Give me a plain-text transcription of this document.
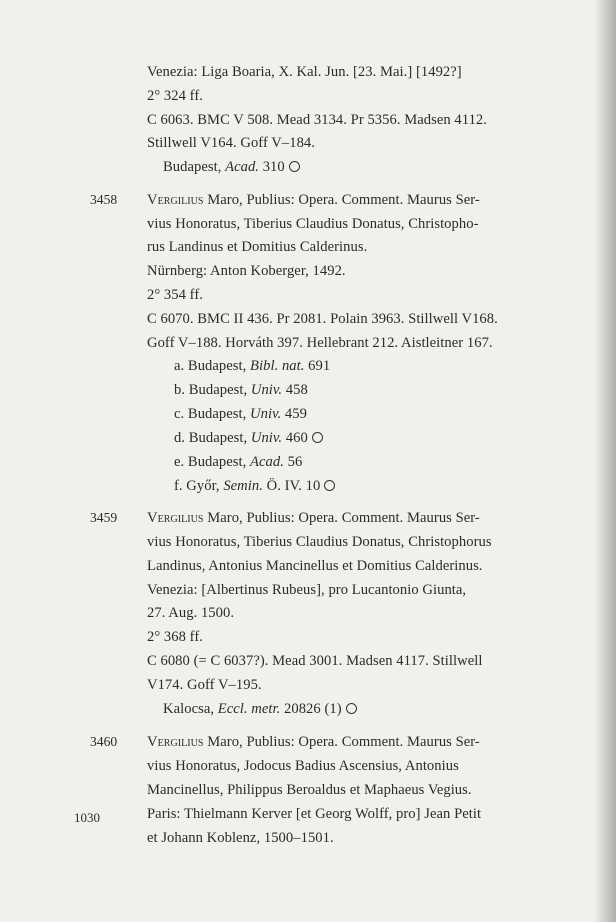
Venezia: Liga Boaria, X. Kal. Jun. [23. Mai.] [1492?]
2° 324 ff.
C 6063. BMC V 508. Mead 3134. Pr 5356. Madsen 4112.
Stillwell V164. Goff V–184.
Budapest, Acad. 310
3458 Vergilius Maro, Publius: Opera. Comment. Maurus Ser-
vius Honoratus, Tiberius Claudius Donatus, Christopho-
rus Landinus et Domitius Calderinus.
Nürnberg: Anton Koberger, 1492.
2° 354 ff.
C 6070. BMC II 436. Pr 2081. Polain 3963. Stillwell V168.
Goff V–188. Horváth 397. Hellebrant 212. Aistleitner 167.
a. Budapest, Bibl. nat. 691
b. Budapest, Univ. 458
c. Budapest, Univ. 459
d. Budapest, Univ. 460
e. Budapest, Acad. 56
f. Győr, Semin. Ö. IV. 10
3459 Vergilius Maro, Publius: Opera. Comment. Maurus Ser-
vius Honoratus, Tiberius Claudius Donatus, Christophorus
Landinus, Antonius Mancinellus et Domitius Calderinus.
Venezia: [Albertinus Rubeus], pro Lucantonio Giunta,
27. Aug. 1500.
2° 368 ff.
C 6080 (= C 6037?). Mead 3001. Madsen 4117. Stillwell
V174. Goff V–195.
Kalocsa, Eccl. metr. 20826 (1)
3460 Vergilius Maro, Publius: Opera. Comment. Maurus Ser-
vius Honoratus, Jodocus Badius Ascensius, Antonius
Mancinellus, Philippus Beroaldus et Maphaeus Vegius.
Paris: Thielmann Kerver [et Georg Wolff, pro] Jean Petit
et Johann Koblenz, 1500–1501.
1030
